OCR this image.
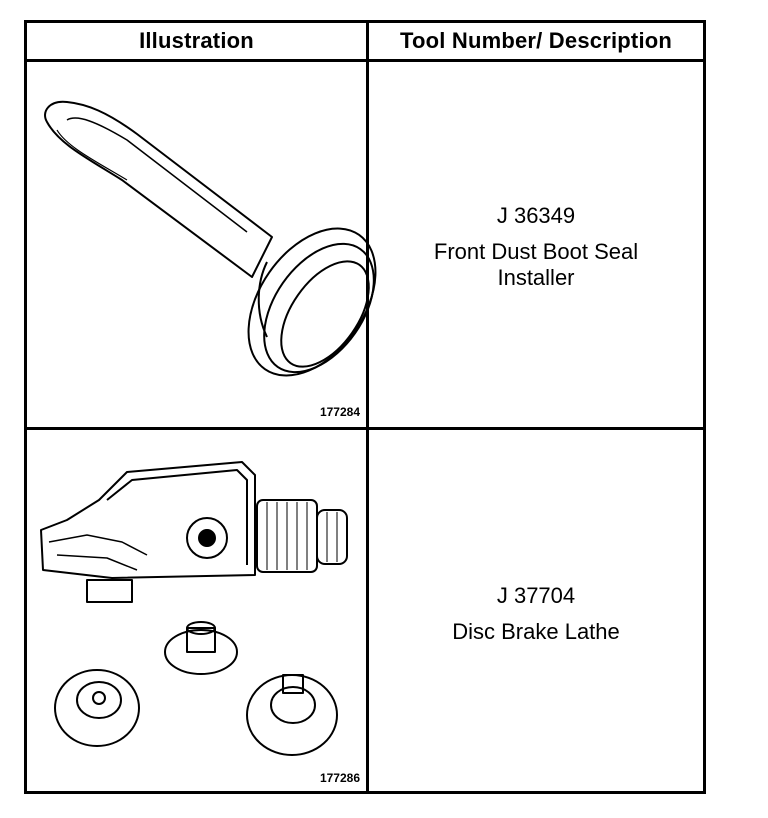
Illustration	Tool Number/ Description
177284
J 36349
Front Dust Boot Seal
Installer
177286
J 37704
Disc Brake Lathe
